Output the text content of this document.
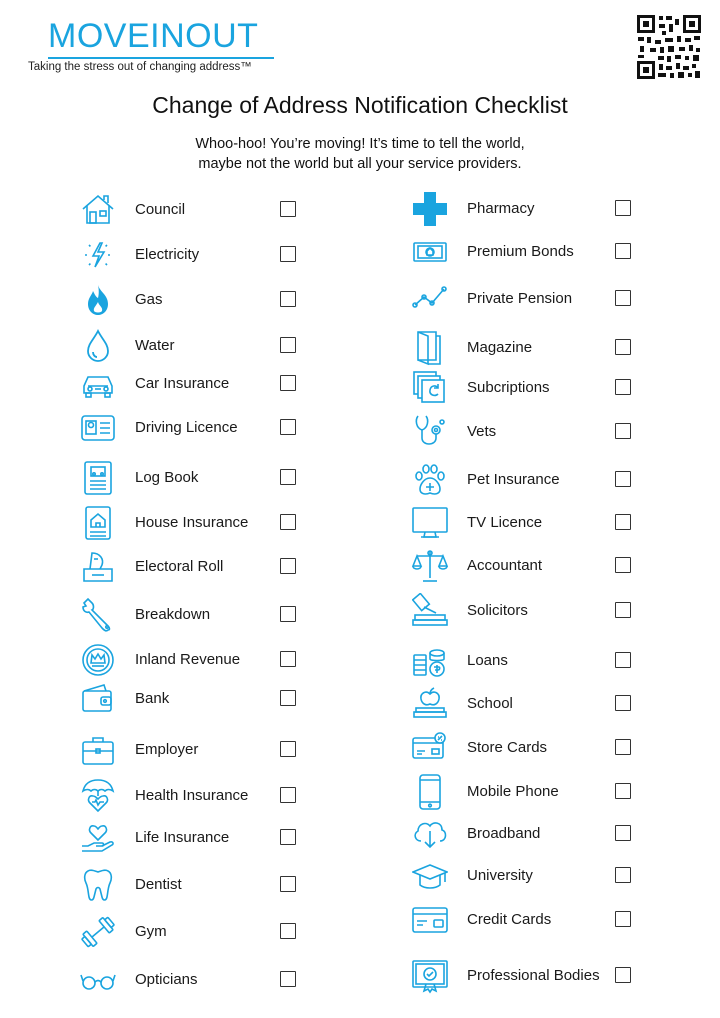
MOVEINOUT
Taking the stress out of changing address™
Change of Address Notification Checklist
Whoo-hoo! You’re moving! It’s time to tell the world,
maybe not the world but all your service providers.
Council
Electricity
Gas
Water
Car Insurance
Driving Licence
Log Book
House Insurance
Electoral Roll
Breakdown
Inland Revenue
Bank
Employer
Health Insurance
Life Insurance
Dentist
Gym
Opticians
Pharmacy
Premium Bonds
Private Pension
Magazine
Subcriptions
Vets
Pet Insurance
TV Licence
Accountant
Solicitors
Loans
School
Store Cards
Mobile Phone
Broadband
University
Credit Cards
Professional Bodies
